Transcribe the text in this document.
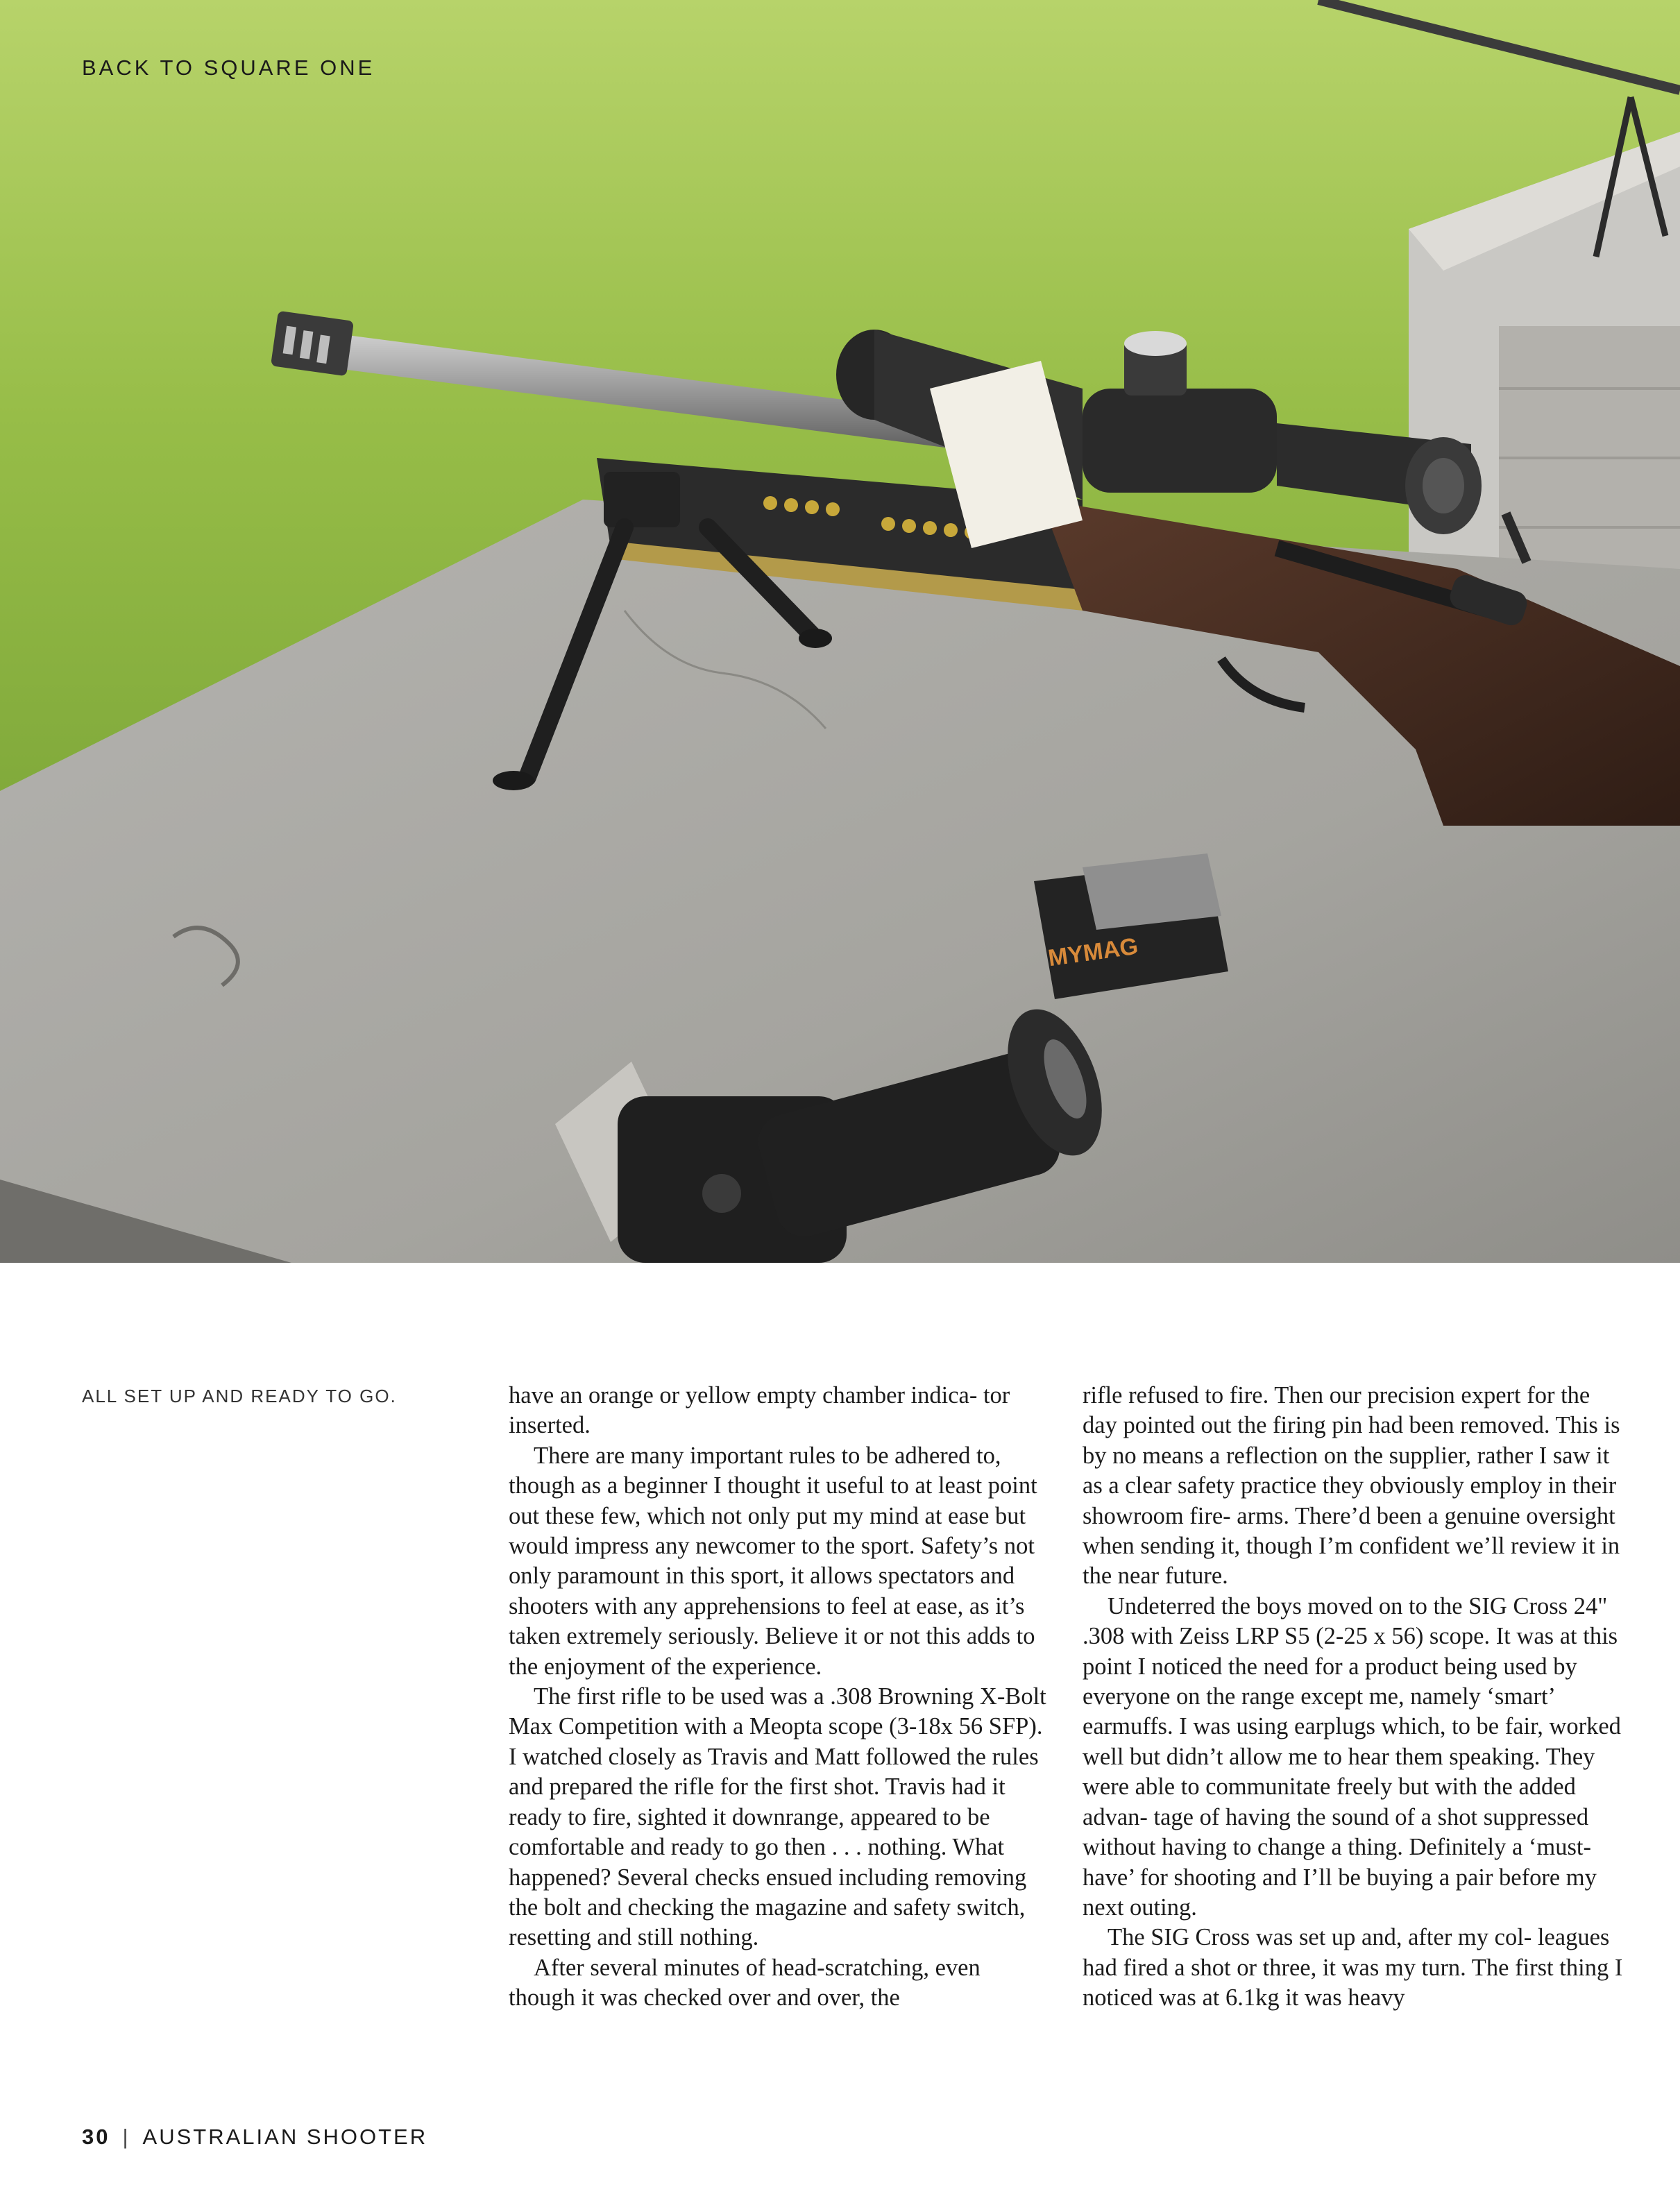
MYMAG
BACK TO SQUARE ONE
ALL SET UP AND READY TO GO.	have an orange or yellow empty chamber indica- tor inserted.

There are many important rules to be adhered to, though as a beginner I thought it useful to at least point out these few, which not only put my mind at ease but would impress any newcomer to the sport. Safety’s not only paramount in this sport, it allows spectators and shooters with any apprehensions to feel at ease, as it’s taken extremely seriously. Believe it or not this adds to the enjoyment of the experience.

The first rifle to be used was a .308 Browning X-Bolt Max Competition with a Meopta scope (3-18x 56 SFP). I watched closely as Travis and Matt followed the rules and prepared the rifle for the first shot. Travis had it ready to fire, sighted it downrange, appeared to be comfortable and ready to go then . . . nothing. What happened? Several checks ensued including removing the bolt and checking the magazine and safety switch, resetting and still nothing.

After several minutes of head-scratching, even though it was checked over and over, the

rifle refused to fire. Then our precision expert for the day pointed out the firing pin had been removed. This is by no means a reflection on the supplier, rather I saw it as a clear safety practice they obviously employ in their showroom fire- arms. There’d been a genuine oversight when sending it, though I’m confident we’ll review it in the near future.

Undeterred the boys moved on to the SIG Cross 24" .308 with Zeiss LRP S5 (2-25 x 56) scope. It was at this point I noticed the need for a product being used by everyone on the range except me, namely ‘smart’ earmuffs. I was using earplugs which, to be fair, worked well but didn’t allow me to hear them speaking. They were able to communitate freely but with the added advan- tage of having the sound of a shot suppressed without having to change a thing. Definitely a ‘must-have’ for shooting and I’ll be buying a pair before my next outing.

The SIG Cross was set up and, after my col- leagues had fired a shot or three, it was my turn. The first thing I noticed was at 6.1kg it was heavy

30 | AUSTRALIAN SHOOTER
